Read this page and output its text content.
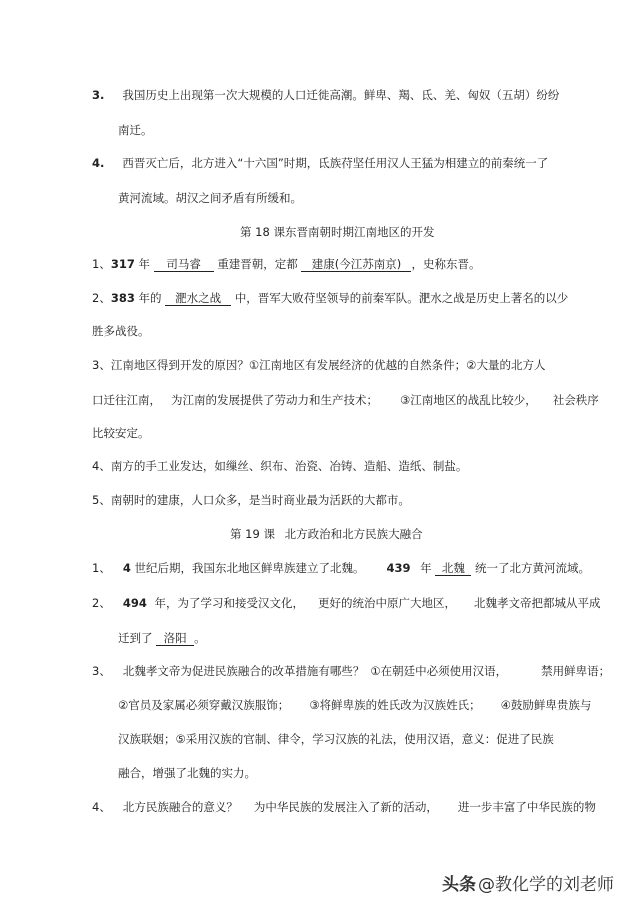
3. 我国历史上出现第一次大规模的人口迁徙高潮。鲜卑、羯、氐、羌、匈奴（五胡）纷纷
南迁。
4. 西晋灭亡后，北方进入“十六国”时期，氐族苻坚任用汉人王猛为相建立的前秦统一了
黄河流域。胡汉之间矛盾有所缓和。
第 18 课东晋南朝时期江南地区的开发
1、317 年 司马睿 重建晋朝，定都 建康(今江苏南京) ，史称东晋。
2、383 年的 淝水之战 中，晋军大败苻坚领导的前秦军队。淝水之战是历史上著名的以少
胜多战役。
3、江南地区得到开发的原因？①江南地区有发展经济的优越的自然条件；②大量的北方人
口迁往江南， 为江南的发展提供了劳动力和生产技术； ③江南地区的战乱比较少， 社会秩序
比较安定。
4、南方的手工业发达，如缫丝、织布、治瓷、冶铸、造船、造纸、制盐。
5、南朝时的建康，人口众多，是当时商业最为活跃的大都市。
第 19 课 北方政治和北方民族大融合
1、 4 世纪后期，我国东北地区鲜卑族建立了北魏。 439 年 北魏 统一了北方黄河流域。
2、 494 年，为了学习和接受汉文化， 更好的统治中原广大地区， 北魏孝文帝把都城从平成
迁到了 洛阳 。
3、 北魏孝文帝为促进民族融合的改革措施有哪些？ ①在朝廷中必须使用汉语，	禁用鲜卑语；
②官员及家属必须穿戴汉族服饰； ③将鲜卑族的姓氏改为汉族姓氏； ④鼓励鲜卑贵族与
汉族联姻；⑤采用汉族的官制、律令，学习汉族的礼法，使用汉语，意义：促进了民族
融合，增强了北魏的实力。
4、 北方民族融合的意义？ 为中华民族的发展注入了新的活动， 进一步丰富了中华民族的物
头条 @教化学的刘老师
